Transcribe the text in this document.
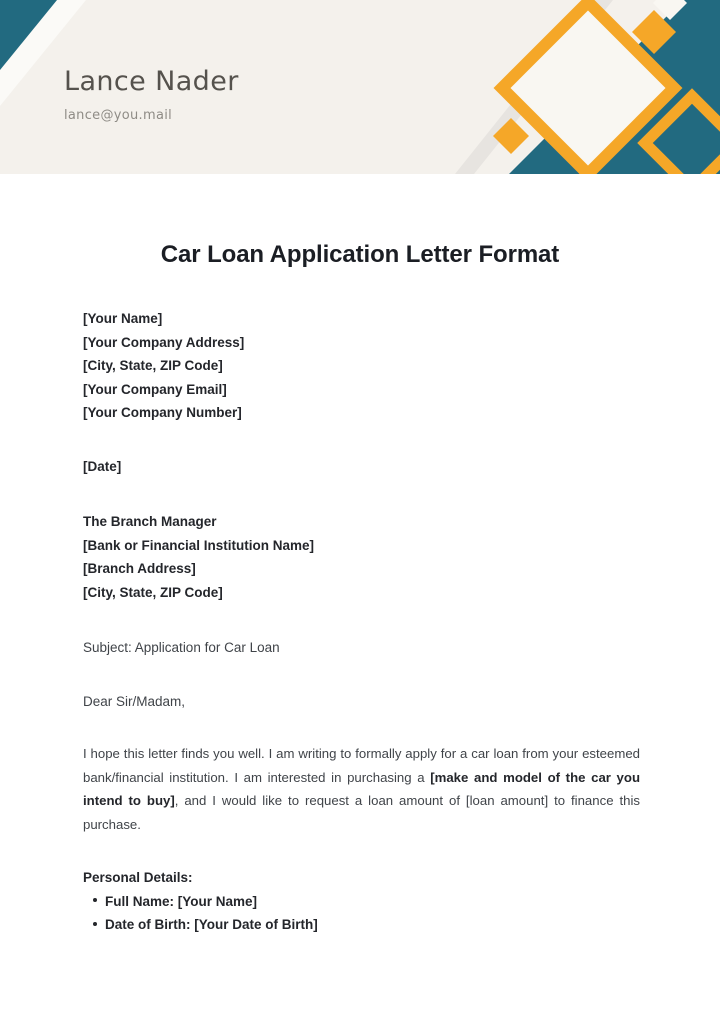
Lance Nader
lance@you.mail
Car Loan Application Letter Format
[Your Name]
[Your Company Address]
[City, State, ZIP Code]
[Your Company Email]
[Your Company Number]
[Date]
The Branch Manager
[Bank or Financial Institution Name]
[Branch Address]
[City, State, ZIP Code]
Subject: Application for Car Loan
Dear Sir/Madam,
I hope this letter finds you well. I am writing to formally apply for a car loan from your esteemed bank/financial institution. I am interested in purchasing a [make and model of the car you intend to buy], and I would like to request a loan amount of [loan amount] to finance this purchase.
Personal Details:
Full Name: [Your Name]
Date of Birth: [Your Date of Birth]
